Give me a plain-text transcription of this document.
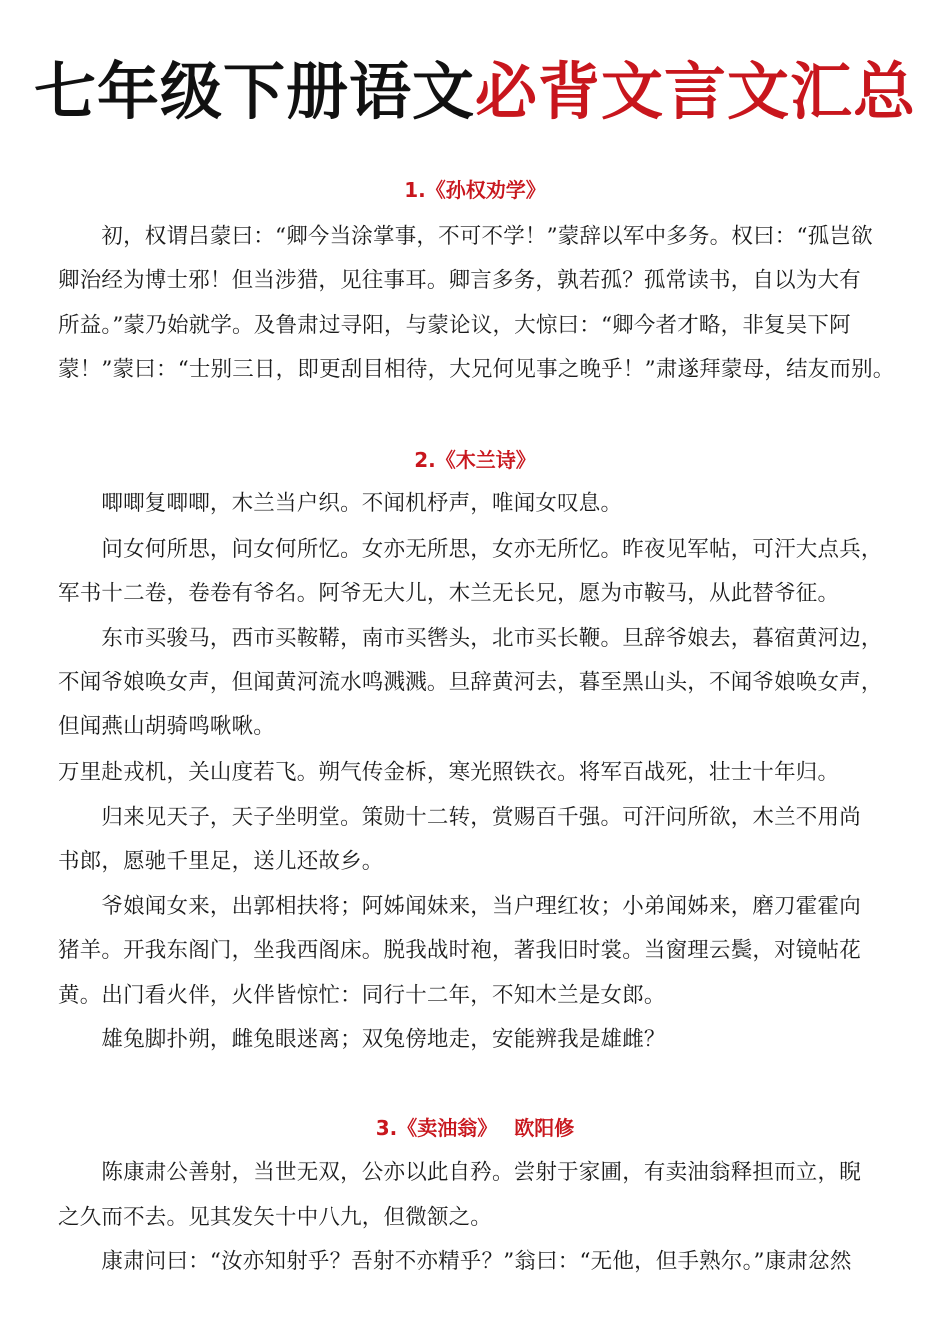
七年级下册语文必背文言文汇总
1.《孙权劝学》
　　初，权谓吕蒙曰：“卿今当涂掌事，不可不学！”蒙辞以军中多务。权曰：“孤岂欲
卿治经为博士邪！但当涉猎，见往事耳。卿言多务，孰若孤？孤常读书，自以为大有
所益。”蒙乃始就学。及鲁肃过寻阳，与蒙论议，大惊曰：“卿今者才略，非复吴下阿
蒙！”蒙曰：“士别三日，即更刮目相待，大兄何见事之晚乎！”肃遂拜蒙母，结友而别。
2.《木兰诗》
　　唧唧复唧唧，木兰当户织。不闻机杼声，唯闻女叹息。
　　问女何所思，问女何所忆。女亦无所思，女亦无所忆。昨夜见军帖，可汗大点兵，
军书十二卷，卷卷有爷名。阿爷无大儿，木兰无长兄，愿为市鞍马，从此替爷征。
　　东市买骏马，西市买鞍鞯，南市买辔头，北市买长鞭。旦辞爷娘去，暮宿黄河边，
不闻爷娘唤女声，但闻黄河流水鸣溅溅。旦辞黄河去，暮至黑山头，不闻爷娘唤女声，
但闻燕山胡骑鸣啾啾。
万里赴戎机，关山度若飞。朔气传金柝，寒光照铁衣。将军百战死，壮士十年归。
　　归来见天子，天子坐明堂。策勋十二转，赏赐百千强。可汗问所欲，木兰不用尚
书郎，愿驰千里足，送儿还故乡。
　　爷娘闻女来，出郭相扶将；阿姊闻妹来，当户理红妆；小弟闻姊来，磨刀霍霍向
猪羊。开我东阁门，坐我西阁床。脱我战时袍，著我旧时裳。当窗理云鬓，对镜帖花
黄。出门看火伴，火伴皆惊忙：同行十二年，不知木兰是女郎。
　　雄兔脚扑朔，雌兔眼迷离；双兔傍地走，安能辨我是雄雌？
3.《卖油翁》　 欧阳修
　　陈康肃公善射，当世无双，公亦以此自矜。尝射于家圃，有卖油翁释担而立，睨
之久而不去。见其发矢十中八九，但微颔之。
　　康肃问曰：“汝亦知射乎？吾射不亦精乎？”翁曰：“无他，但手熟尔。”康肃忿然
